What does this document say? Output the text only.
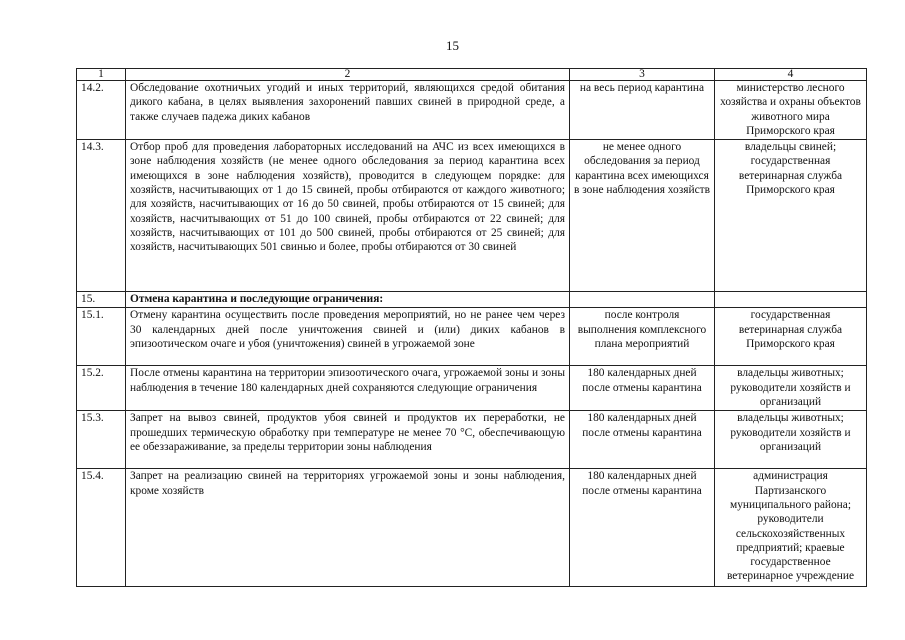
15
1	2	3	4
14.2.	Обследование охотничьих угодий и иных территорий, являющихся средой обитания дикого кабана, в целях выявления захоронений павших свиней в природной среде, а также случаев падежа диких кабанов	на весь период карантина	министерство лесного хозяйства и охраны объектов животного мира Приморского края
14.3.	Отбор проб для проведения лабораторных исследований на АЧС из всех имеющихся в зоне наблюдения хозяйств (не менее одного обследования за период карантина всех имеющихся в зоне наблюдения хозяйств), проводится в следующем порядке: для хозяйств, насчитывающих от 1 до 15 свиней, пробы отбираются от каждого животного; для хозяйств, насчитывающих от 16 до 50 свиней, пробы отбираются от 15 свиней; для хозяйств, насчитывающих от 51 до 100 свиней, пробы отбираются от 22 свиней; для хозяйств, насчитывающих от 101 до 500 свиней, пробы отбираются от 25 свиней; для хозяйств, насчитывающих 501 свинью и более, пробы отбираются от 30 свиней	не менее одного обследования за период карантина всех имеющихся в зоне наблюдения хозяйств	владельцы свиней; государственная ветеринарная служба Приморского края
15.	Отмена карантина и последующие ограничения:		
15.1.	Отмену карантина осуществить после проведения мероприятий, но не ранее чем через 30 календарных дней после уничтожения свиней и (или) диких кабанов в эпизоотическом очаге и убоя (уничтожения) свиней в угрожаемой зоне	после контроля выполнения комплексного плана мероприятий	государственная ветеринарная служба Приморского края
15.2.	После отмены карантина на территории эпизоотического очага, угрожаемой зоны и зоны наблюдения в течение 180 календарных дней сохраняются следующие ограничения	180 календарных дней после отмены карантина	владельцы животных; руководители хозяйств и организаций
15.3.	Запрет на вывоз свиней, продуктов убоя свиней и продуктов их переработки, не прошедших термическую обработку при температуре не менее 70 °С, обеспечивающую ее обеззараживание, за пределы территории зоны наблюдения	180 календарных дней после отмены карантина	владельцы животных; руководители хозяйств и организаций
15.4.	Запрет на реализацию свиней на территориях угрожаемой зоны и зоны наблюдения, кроме хозяйств	180 календарных дней после отмены карантина	администрация Партизанского муниципального района; руководители сельскохозяйственных предприятий; краевые государственное ветеринарное учреждение
